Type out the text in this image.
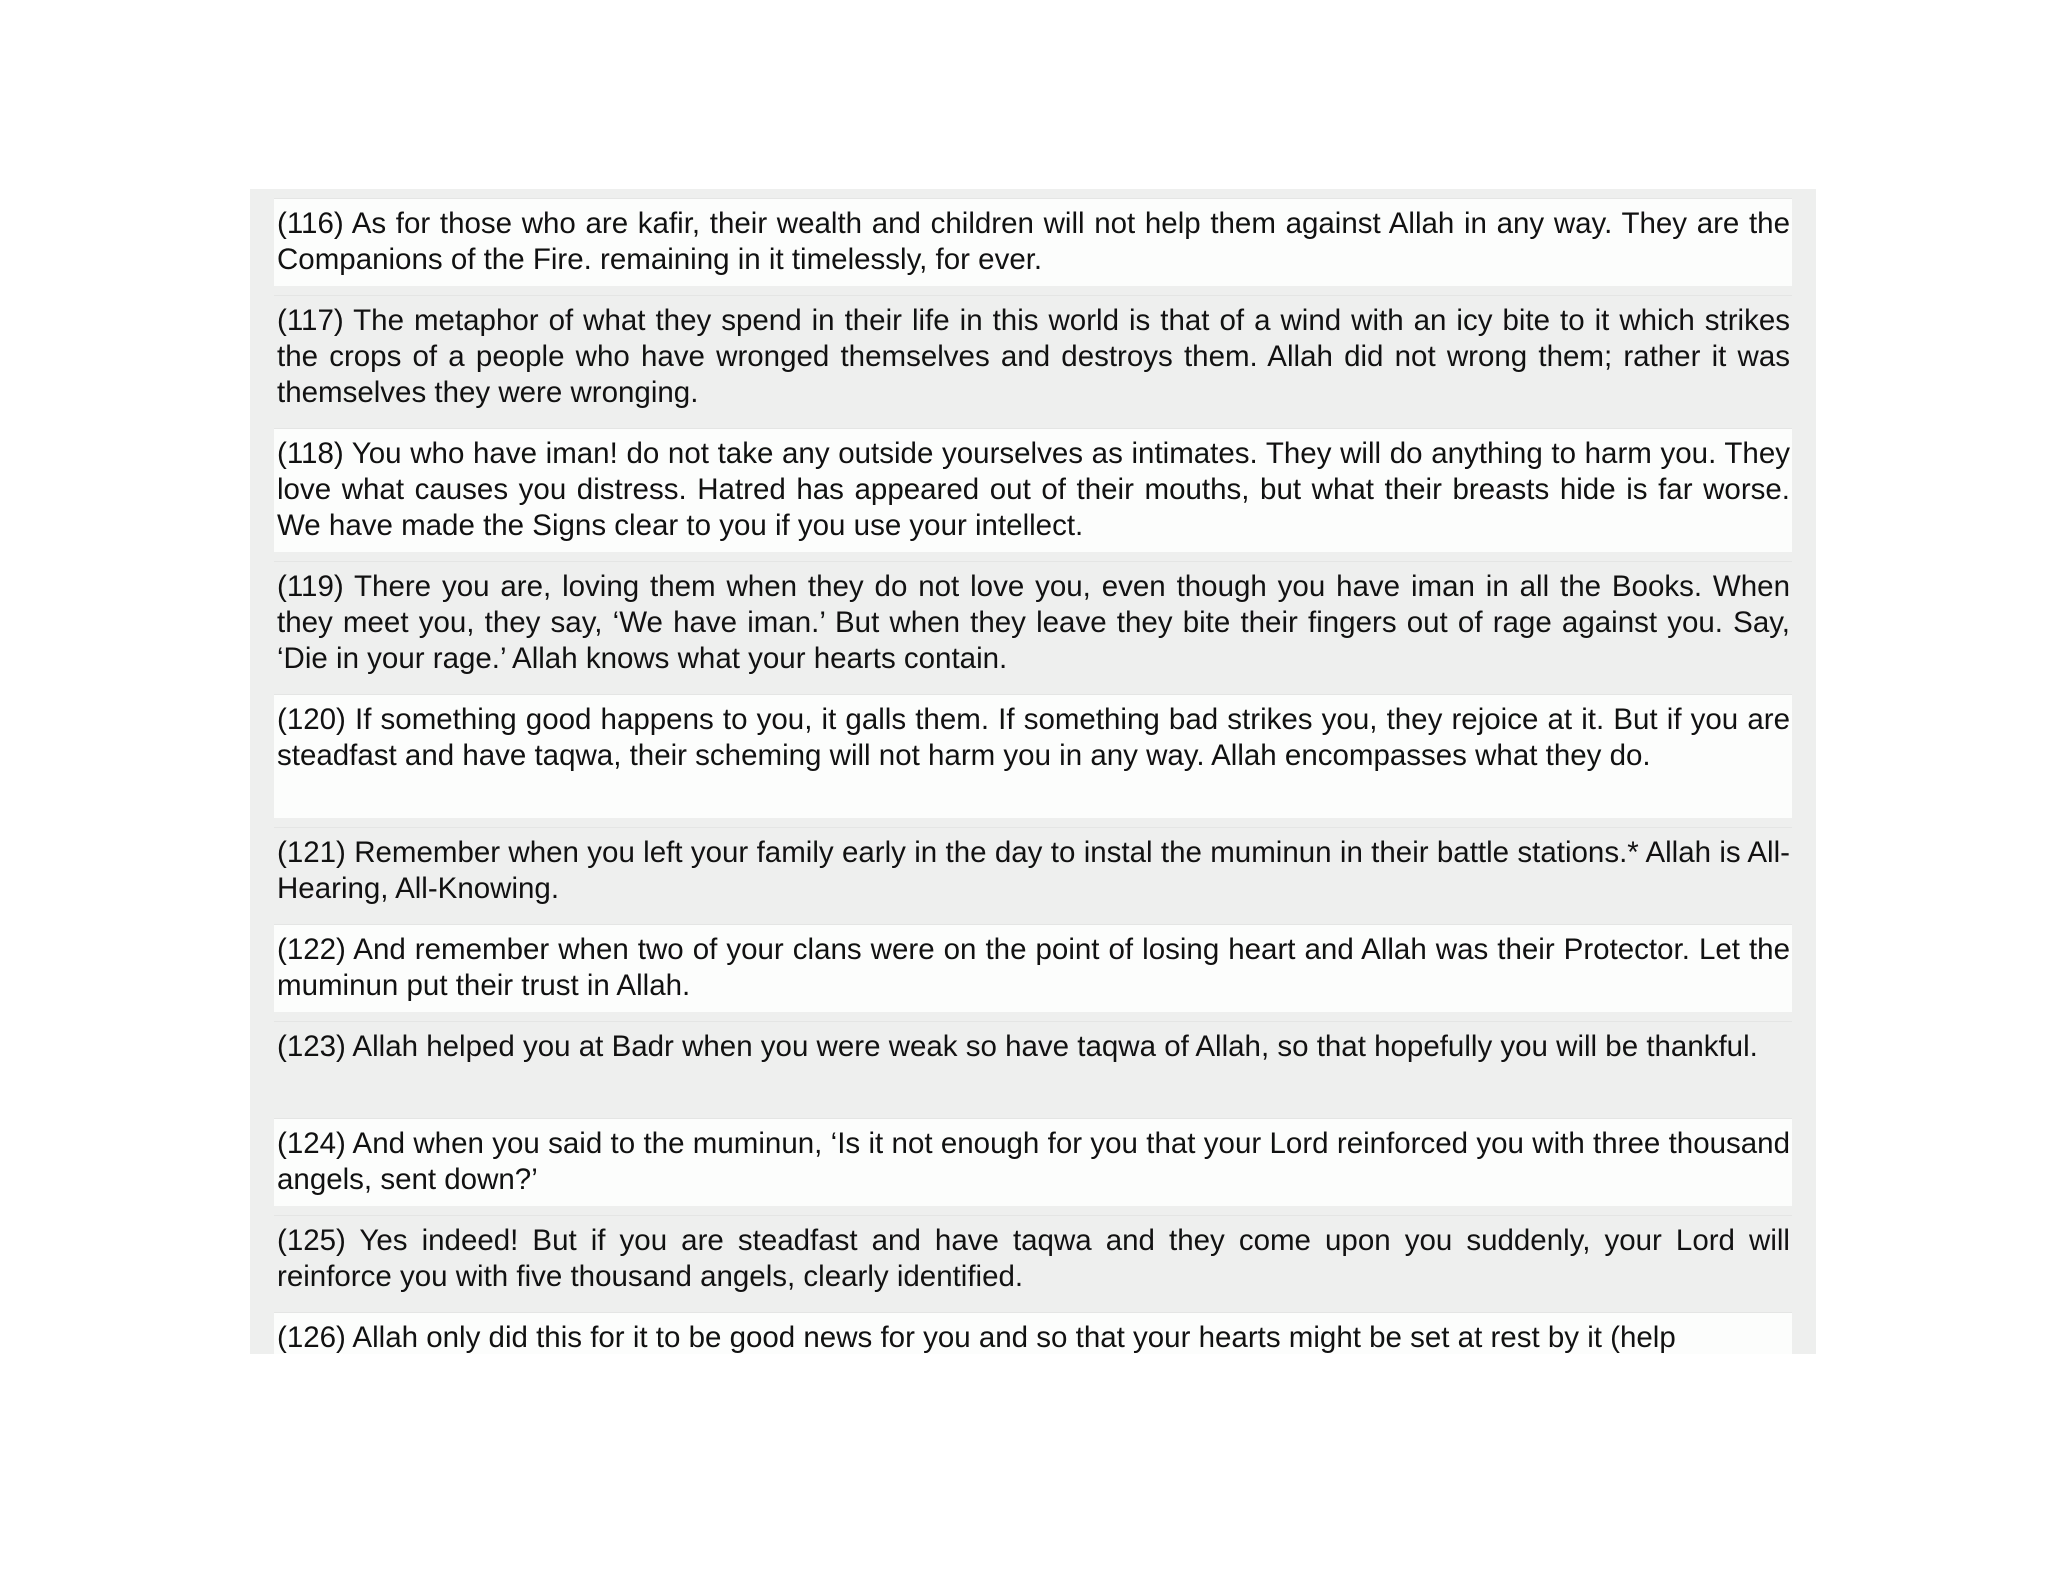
(116) As for those who are kafir, their wealth and children will not help them against Allah in any way. They are the Companions of the Fire. remaining in it timelessly, for ever.
(117) The metaphor of what they spend in their life in this world is that of a wind with an icy bite to it which strikes the crops of a people who have wronged themselves and destroys them. Allah did not wrong them; rather it was themselves they were wronging.
(118) You who have iman! do not take any outside yourselves as intimates. They will do anything to harm you. They love what causes you distress. Hatred has appeared out of their mouths, but what their breasts hide is far worse. We have made the Signs clear to you if you use your intellect.
(119) There you are, loving them when they do not love you, even though you have iman in all the Books. When they meet you, they say, ‘We have iman.’ But when they leave they bite their fingers out of rage against you. Say, ‘Die in your rage.’ Allah knows what your hearts contain.
(120) If something good happens to you, it galls them. If something bad strikes you, they rejoice at it. But if you are steadfast and have taqwa, their scheming will not harm you in any way. Allah encompasses what they do.
(121) Remember when you left your family early in the day to instal the muminun in their battle stations.* Allah is All-Hearing, All-Knowing.
(122) And remember when two of your clans were on the point of losing heart and Allah was their Protector. Let the muminun put their trust in Allah.
(123) Allah helped you at Badr when you were weak so have taqwa of Allah, so that hopefully you will be thankful.
(124) And when you said to the muminun, ‘Is it not enough for you that your Lord reinforced you with three thousand angels, sent down?’
(125) Yes indeed! But if you are steadfast and have taqwa and they come upon you suddenly, your Lord will reinforce you with five thousand angels, clearly identified.
(126) Allah only did this for it to be good news for you and so that your hearts might be set at rest by it (help
